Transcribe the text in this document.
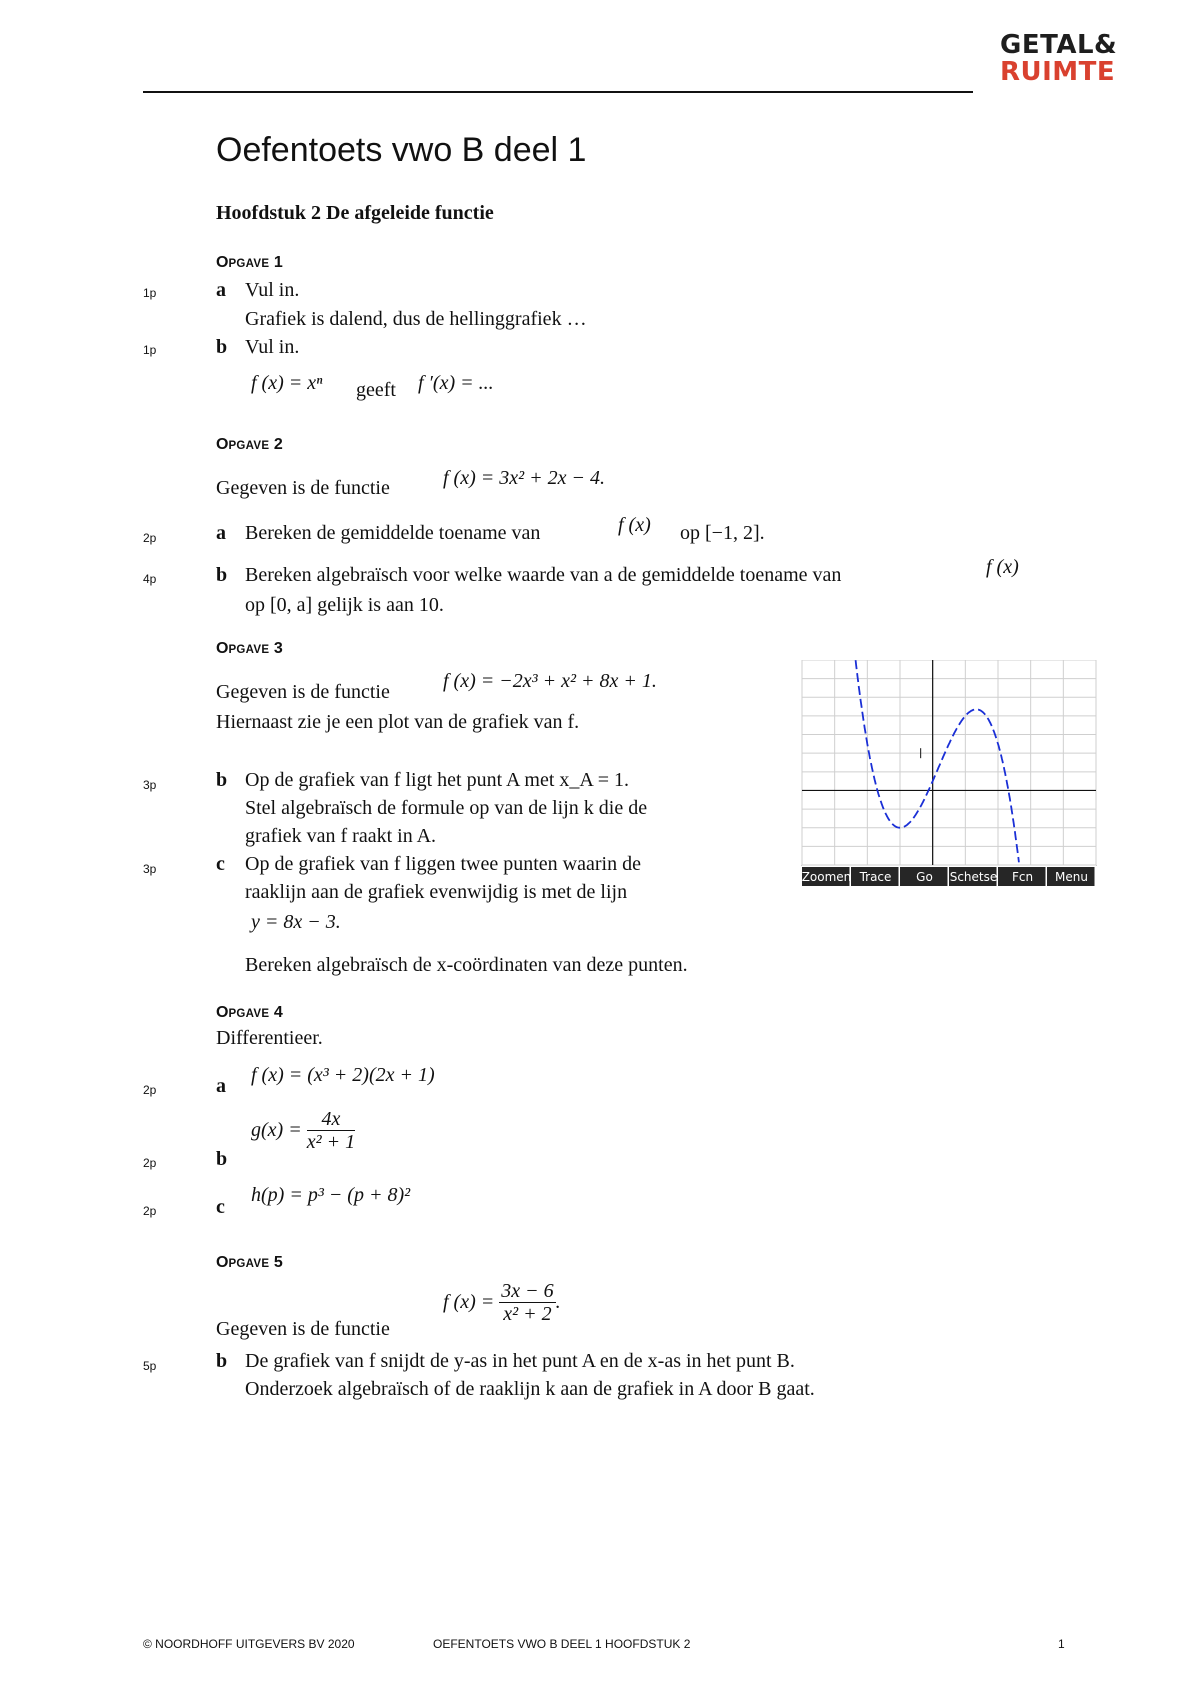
GETAL&
RUIMTE
Oefentoets vwo B deel 1
Hoofdstuk 2 De afgeleide functie
OPGAVE 1
1p	a Vul in.
Grafiek is dalend, dus de hellinggrafiek …
1p	b Vul in.
f (x) = xⁿ geeft f ′(x) = ...
OPGAVE 2
Gegeven is de functie	f (x) = 3x² + 2x − 4.
2p	a Bereken de gemiddelde toename van	f (x) op [−1, 2].
4p	b Bereken algebraïsch voor welke waarde van a de gemiddelde toename van	f (x)
op [0, a] gelijk is aan 10.
OPGAVE 3
Gegeven is de functie	f (x) = −2x³ + x² + 8x + 1.
Hiernaast zie je een plot van de grafiek van f.
3p	b Op de grafiek van f ligt het punt A met x_A = 1.
Stel algebraïsch de formule op van de lijn k die de
grafiek van f raakt in A.
3p	c Op de grafiek van f liggen twee punten waarin de
raaklijn aan de grafiek evenwijdig is met de lijn
y = 8x − 3.
Bereken algebraïsch de x-coördinaten van deze punten.
Zoomen Trace Go Schetse Fcn Menu
OPGAVE 4
Differentieer.
2p	a f (x) = (x³ + 2)(2x + 1)
$g(x) = \frac{4x}{\text{x² + 1}}$
2p	b
2p	c
h(p) = p³ − (p + 8)²
OPGAVE 5
f $(x) = \frac{3x - 6}{\text{x² + 2}}$ .
Gegeven is de functie
5p	b De grafiek van f snijdt de y-as in het punt A en de x-as in het punt B.
Onderzoek algebraïsch of de raaklijn k aan de grafiek in A door B gaat.
© NOORDHOFF UITGEVERS BV 2020	OEFENTOETS VWO B DEEL 1 HOOFDSTUK 2	1
